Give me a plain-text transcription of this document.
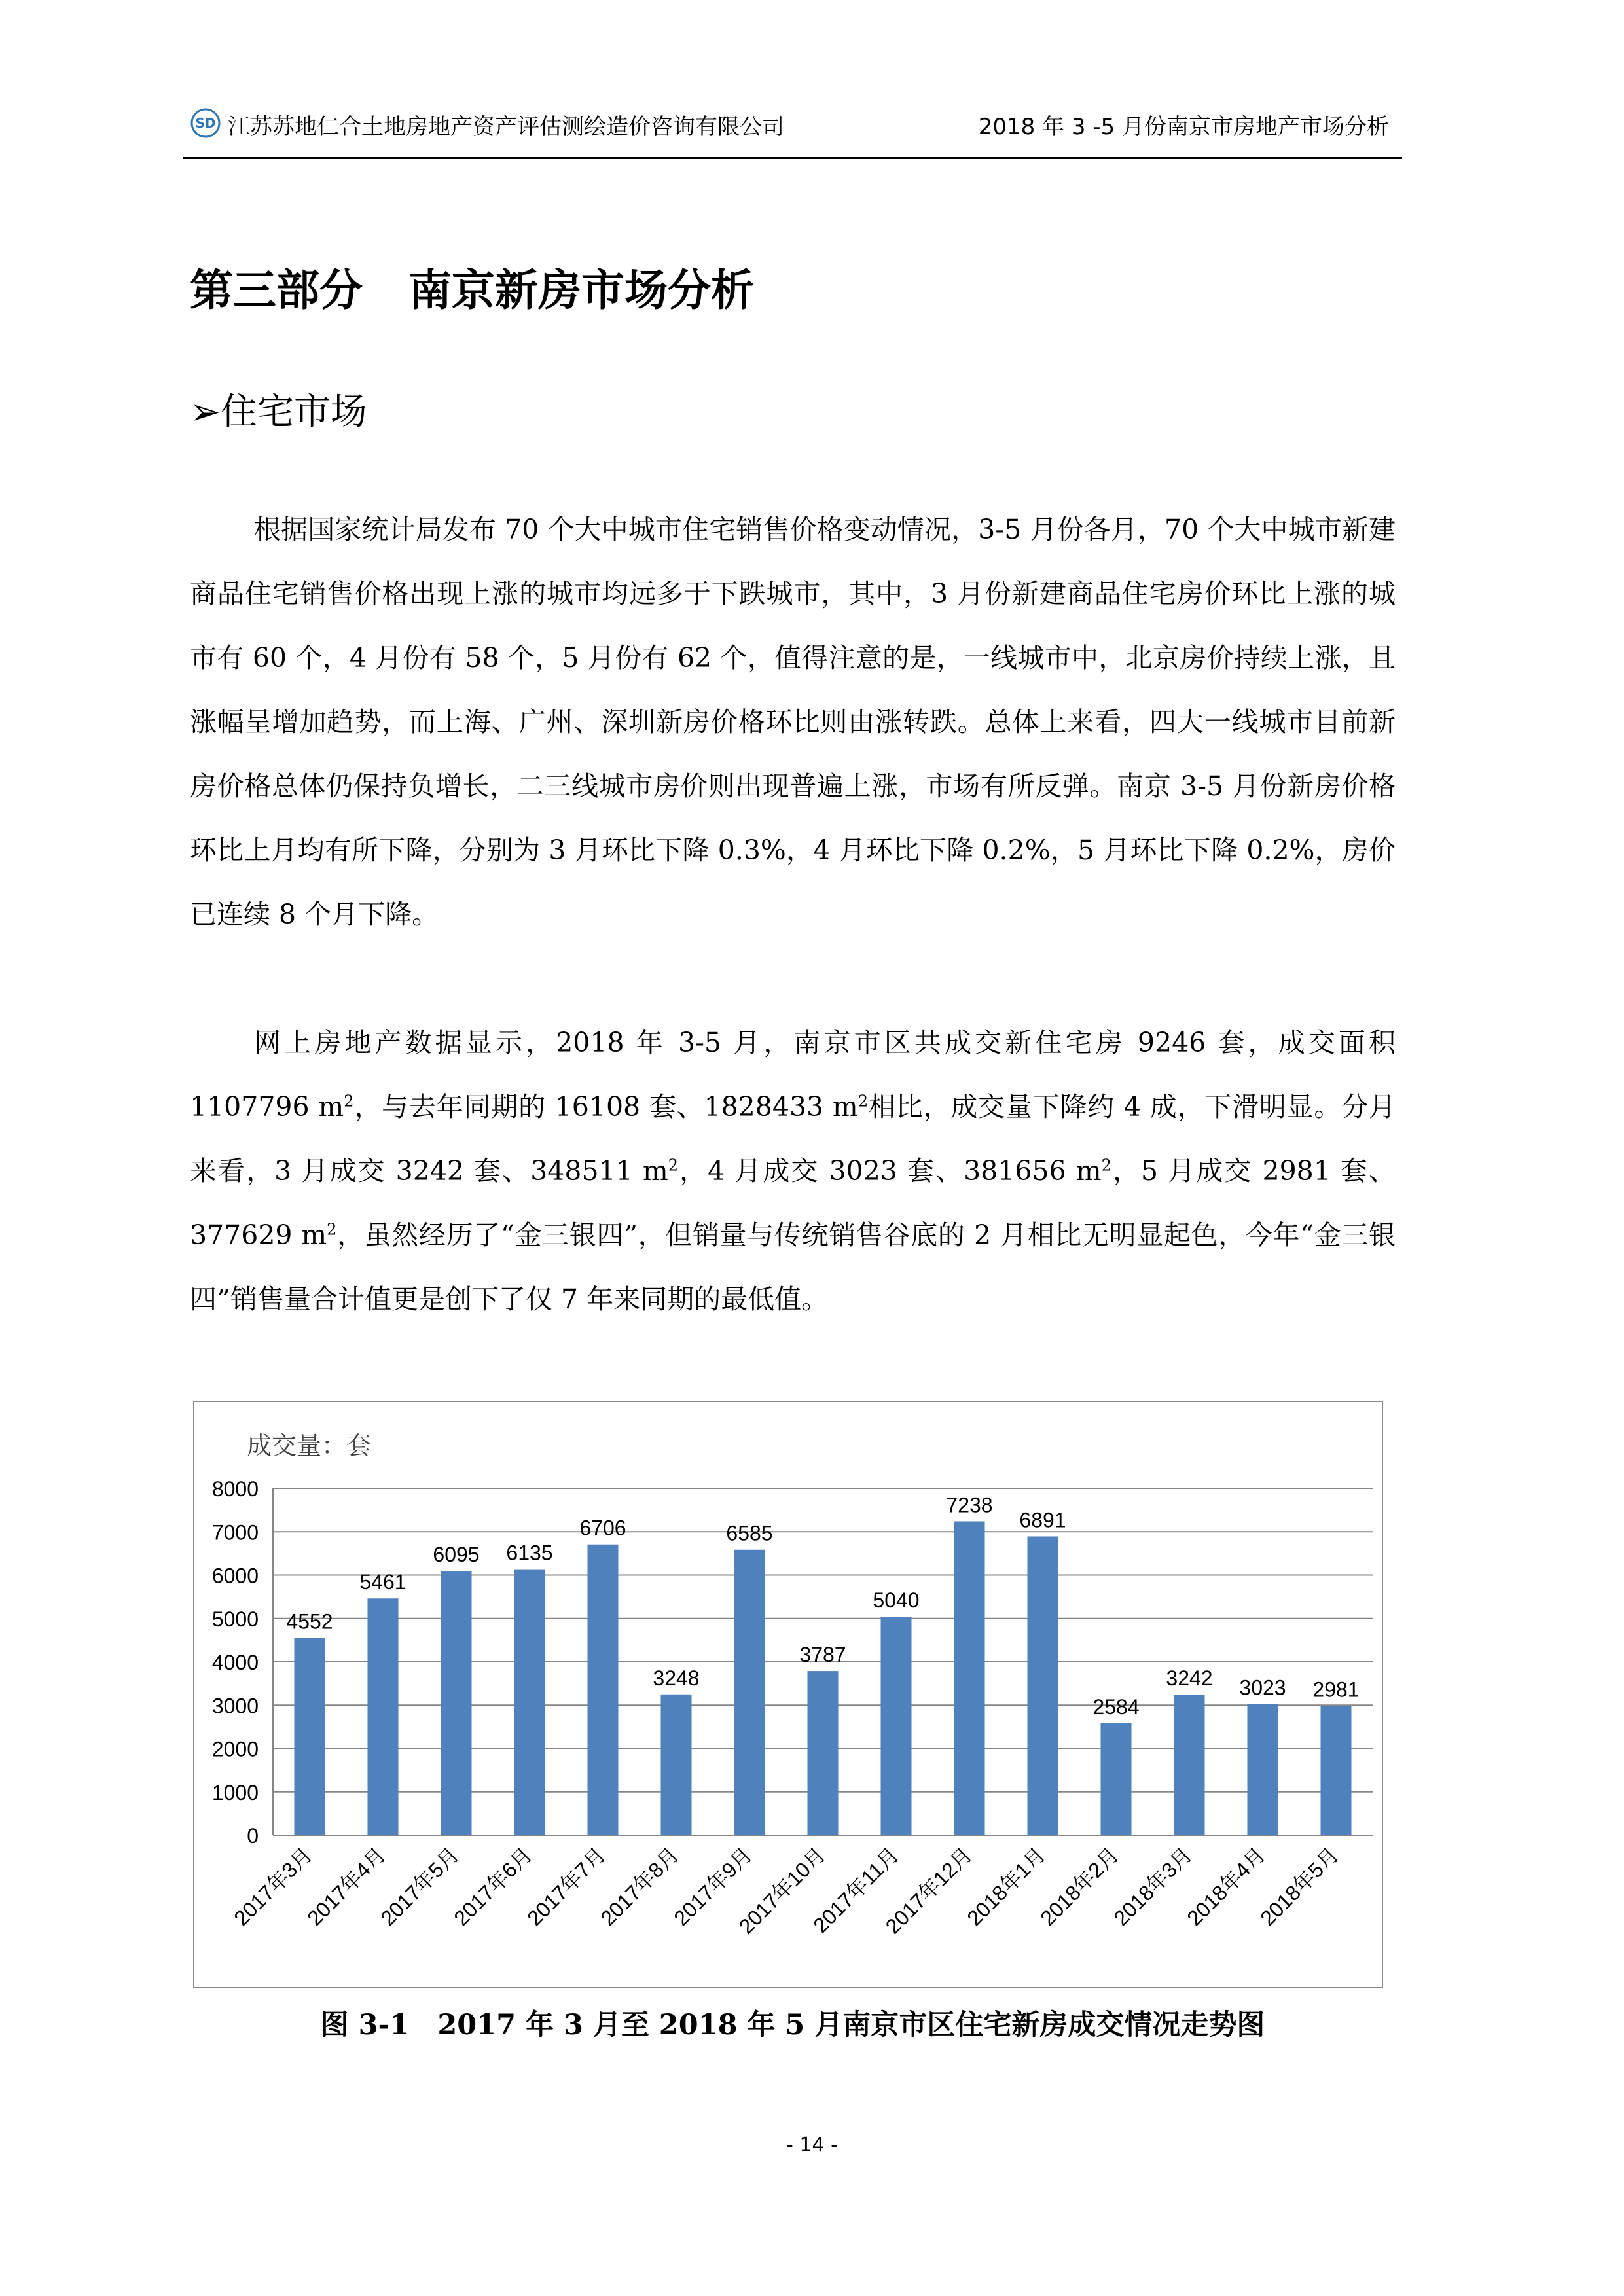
SD 江苏苏地仁合土地房地产资产评估测绘造价咨询有限公司	2018 年 3 -5 月份南京市房地产市场分析
第三部分 南京新房市场分析
➢住宅市场

根据国家统计局发布 70 个大中城市住宅销售价格变动情况，3-5 月份各月，70 个大中城市新建商品住宅销售价格出现上涨的城市均远多于下跌城市，其中，3 月份新建商品住宅房价环比上涨的城市有 60 个，4 月份有 58 个，5 月份有 62 个，值得注意的是，一线城市中，北京房价持续上涨，且涨幅呈增加趋势，而上海、广州、深圳新房价格环比则由涨转跌。总体上来看，四大一线城市目前新房价格总体仍保持负增长，二三线城市房价则出现普遍上涨，市场有所反弹。南京 3-5 月份新房价格环比上月均有所下降，分别为 3 月环比下降 0.3%，4 月环比下降 0.2%，5 月环比下降 0.2%，房价已连续 8 个月下降。

网上房地产数据显示，2018 年 3-5 月，南京市区共成交新住宅房 9246 套，成交面积 1107796 $m^2$，与去年同期的 16108 套、1828433 $m^2$相比，成交量下降约 4 成，下滑明显。分月来看，3 月成交 3242 套、348511 $m^2$，4 月成交 3023 套、381656 $m^2$，5 月成交 2981 套、377629 $m^2$，虽然经历了“金三银四”，但销量与传统销售谷底的 2 月相比无明显起色，今年“金三银四”销售量合计值更是创下了仅 7 年来同期的最低值。

成交量：套
0
1000
2000
3000
4000
5000
6000
7000
8000
4552
2017年3月
5461
2017年4月
6095
2017年5月
6135
2017年6月
6706
2017年7月
3248
2017年8月
6585
2017年9月
3787
2017年10月
5040
2017年11月
7238
2017年12月
6891
2018年1月
2584
2018年2月
3242
2018年3月
3023
2018年4月
2981
2018年5月
图 3-1　2017 年 3 月至 2018 年 5 月南京市区住宅新房成交情况走势图
- 14 -
